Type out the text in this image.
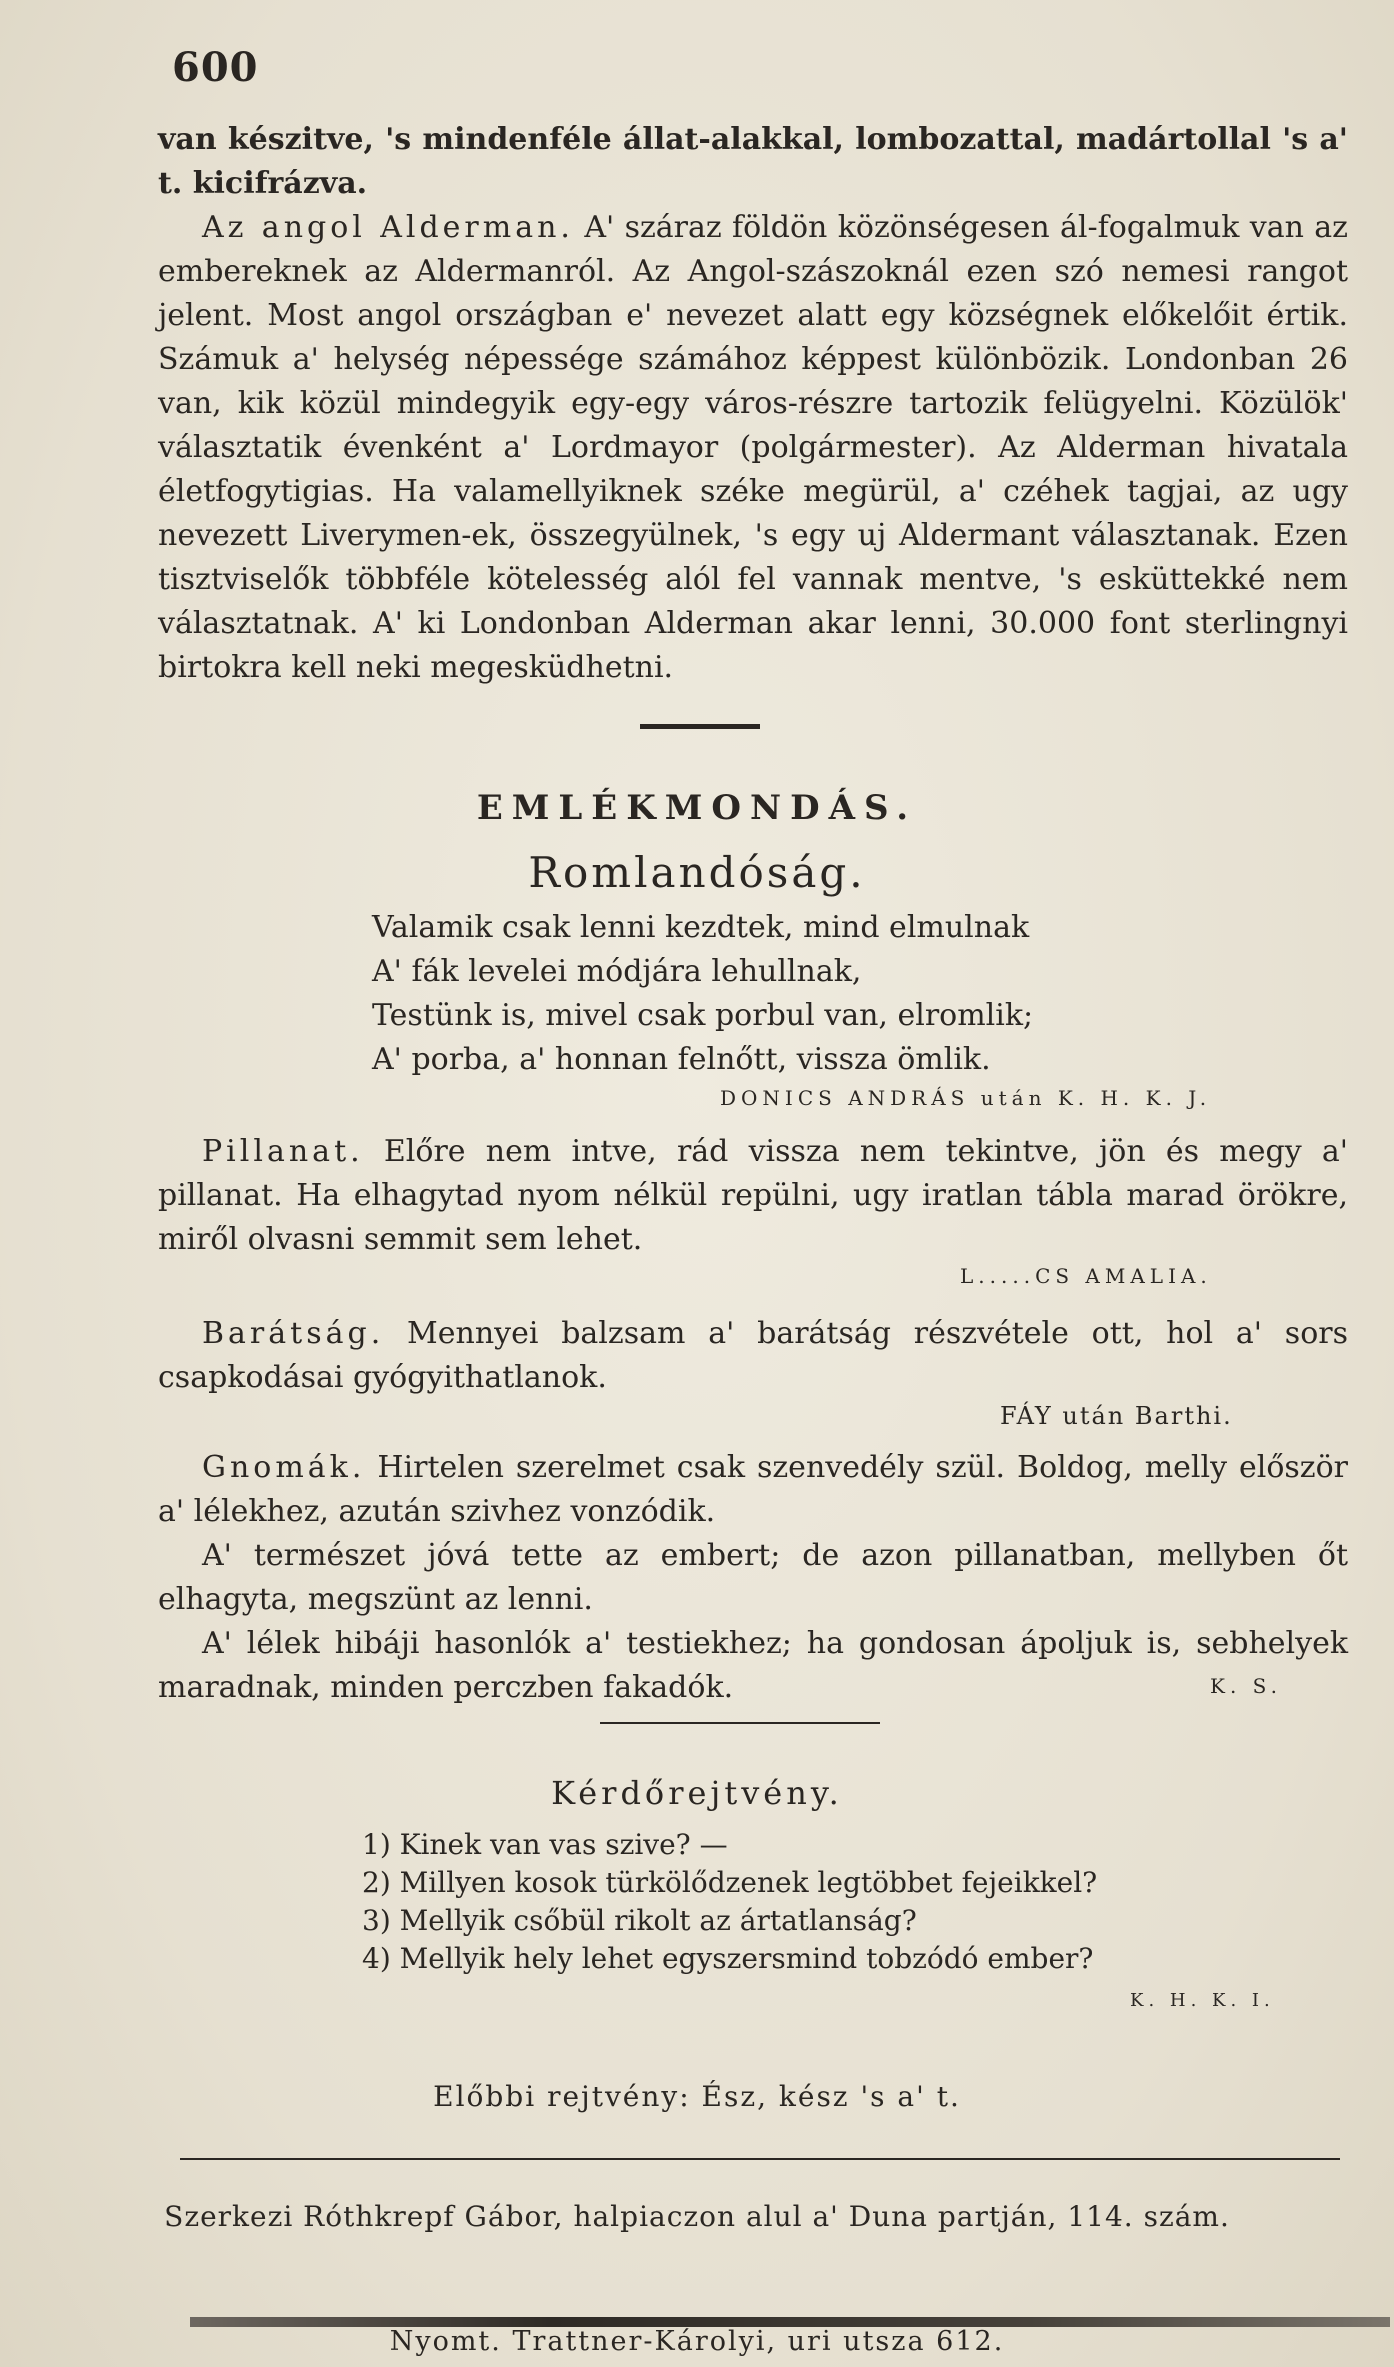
600

van készitve, 's mindenféle állat-alakkal, lombozattal, madártollal 's a' t. kicifrázva.

Az angol Alderman. A' száraz földön közönségesen ál-fogalmuk van az embereknek az Aldermanról. Az Angol-szászoknál ezen szó nemesi rangot jelent. Most angol országban e' nevezet alatt egy községnek előkelőit értik. Számuk a' helység népessége számához képpest különbözik. Londonban 26 van, kik közül mindegyik egy-egy város-részre tartozik felügyelni. Közülök' választatik évenként a' Lordmayor (polgármester). Az Alderman hivatala életfogytigias. Ha valamellyiknek széke megürül, a' czéhek tagjai, az ugy nevezett Liverymen-ek, összegyülnek, 's egy uj Aldermant választanak. Ezen tisztviselők többféle kötelesség alól fel vannak mentve, 's esküttekké nem választatnak. A' ki Londonban Alderman akar lenni, 30.000 font sterlingnyi birtokra kell neki megesküdhetni.

EMLÉKMONDÁS.
Romlandóság.
Valamik csak lenni kezdtek, mind elmulnak
A' fák levelei módjára lehullnak,
Testünk is, mivel csak porbul van, elromlik;
A' porba, a' honnan felnőtt, vissza ömlik.
DONICS ANDRÁS után K. H. K. J.

Pillanat. Előre nem intve, rád vissza nem tekintve, jön és megy a' pillanat. Ha elhagytad nyom nélkül repülni, ugy iratlan tábla marad örökre, miről olvasni semmit sem lehet.

L.....CS AMALIA.

Barátság. Mennyei balzsam a' barátság részvétele ott, hol a' sors csapkodásai gyógyithatlanok.

FÁY után Barthi.

Gnomák. Hirtelen szerelmet csak szenvedély szül. Boldog, melly először a' lélekhez, azután szivhez vonzódik.

A' természet jóvá tette az embert; de azon pillanatban, mellyben őt elhagyta, megszünt az lenni.

A' lélek hibáji hasonlók a' testiekhez; ha gondosan ápoljuk is, sebhelyek maradnak, minden perczben fakadók.	K. S.
Kérdőrejtvény.
1) Kinek van vas szive? —
2) Millyen kosok türkölődzenek legtöbbet fejeikkel?
3) Mellyik csőbül rikolt az ártatlanság?
4) Mellyik hely lehet egyszersmind tobzódó ember?
K. H. K. I.
Előbbi rejtvény: Ész, kész 's a' t.
Szerkezi Róthkrepf Gábor, halpiaczon alul a' Duna partján, 114. szám.
Nyomt. Trattner-Károlyi, uri utsza 612.
